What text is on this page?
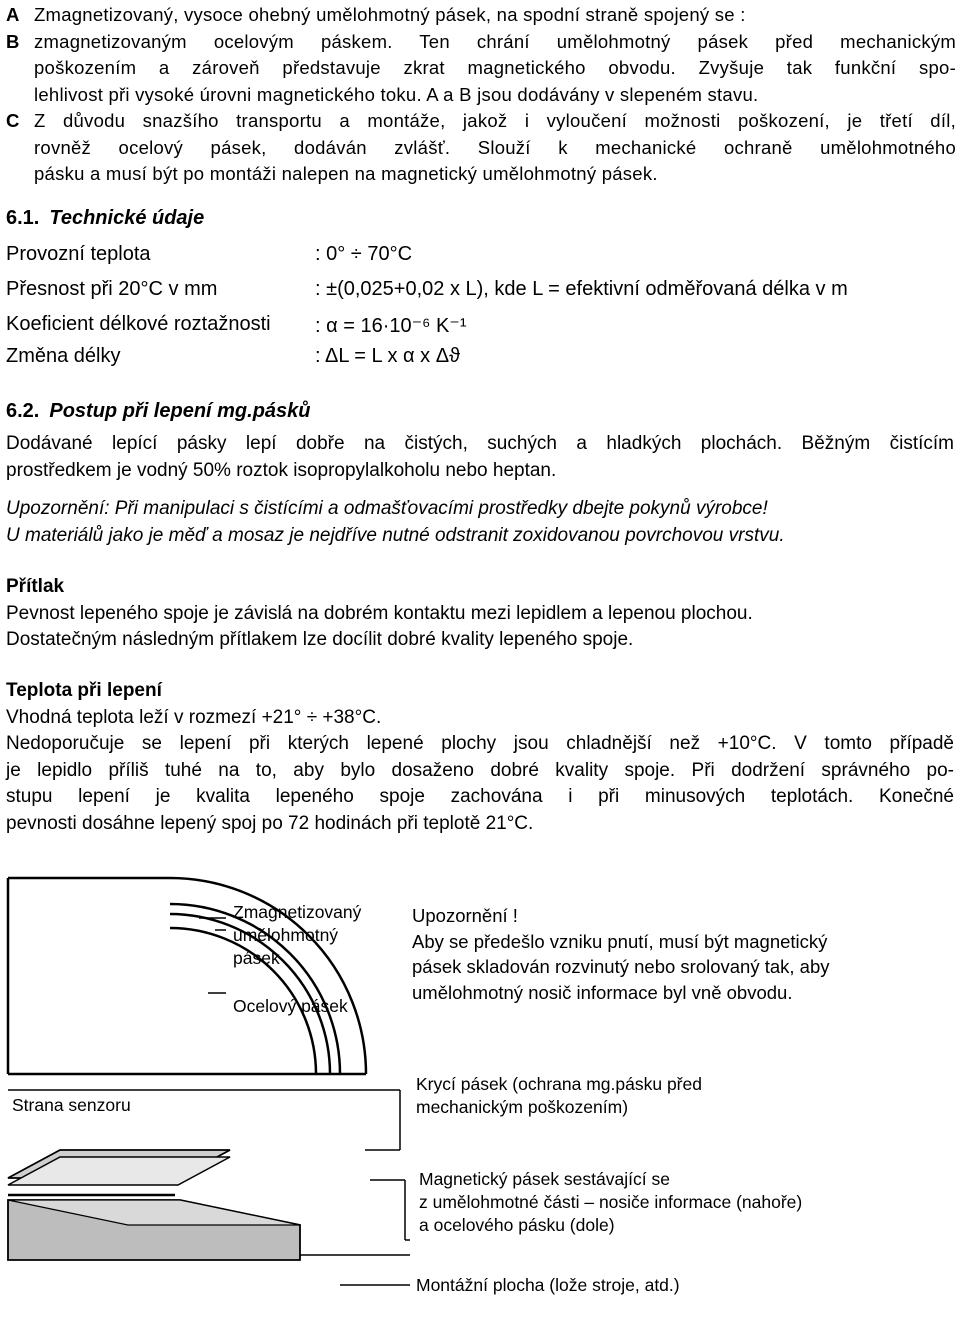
A Zmagnetizovaný, vysoce ohebný umělohmotný pásek, na spodní straně spojený se :
B zmagnetizovaným ocelovým páskem. Ten chrání umělohmotný pásek před mechanickým
poškozením a zároveň představuje zkrat magnetického obvodu. Zvyšuje tak funkční spo-
lehlivost při vysoké úrovni magnetického toku. A a B jsou dodávány v slepeném stavu.
C Z důvodu snazšího transportu a montáže, jakož i vyloučení možnosti poškození, je třetí díl,
rovněž ocelový pásek, dodáván zvlášť. Slouží k mechanické ochraně umělohmotného
pásku a musí být po montáži nalepen na magnetický umělohmotný pásek.
6.1. Technické údaje
Provozní teplota	: 0° ÷ 70°C
Přesnost při 20°C v mm	: ±(0,025+0,02 x L), kde L = efektivní odměřovaná délka v m
Koeficient délkové roztažnosti : α = 16·10⁻⁶ K⁻¹
Změna délky	: ΔL = L x α x Δϑ
6.2. Postup při lepení mg.pásků
Dodávané lepící pásky lepí dobře na čistých, suchých a hladkých plochách. Běžným čistícím
prostředkem je vodný 50% roztok isopropylalkoholu nebo heptan.
Upozornění: Při manipulaci s čistícími a odmašťovacími prostředky dbejte pokynů výrobce!
U materiálů jako je měď a mosaz je nejdříve nutné odstranit zoxidovanou povrchovou vrstvu.
Přítlak
Pevnost lepeného spoje je závislá na dobrém kontaktu mezi lepidlem a lepenou plochou.
Dostatečným následným přítlakem lze docílit dobré kvality lepeného spoje.
Teplota při lepení
Vhodná teplota leží v rozmezí +21° ÷ +38°C.
Nedoporučuje se lepení při kterých lepené plochy jsou chladnější než +10°C. V tomto případě
je lepidlo příliš tuhé na to, aby bylo dosaženo dobré kvality spoje. Při dodržení správného po-
stupu lepení je kvalita lepeného spoje zachována i při minusových teplotách. Konečné
pevnosti dosáhne lepený spoj po 72 hodinách při teplotě 21°C.
Zmagnetizovaný
umělohmotný
pásek
Ocelový pásek
Upozornění !
Aby se předešlo vzniku pnutí, musí být magnetický
pásek skladován rozvinutý nebo srolovaný tak, aby
umělohmotný nosič informace byl vně obvodu.
Strana senzoru
Krycí pásek (ochrana mg.pásku před
mechanickým poškozením)
Magnetický pásek sestávající se
z umělohmotné části – nosiče informace (nahoře)
a ocelového pásku (dole)
Montážní plocha (lože stroje, atd.)
